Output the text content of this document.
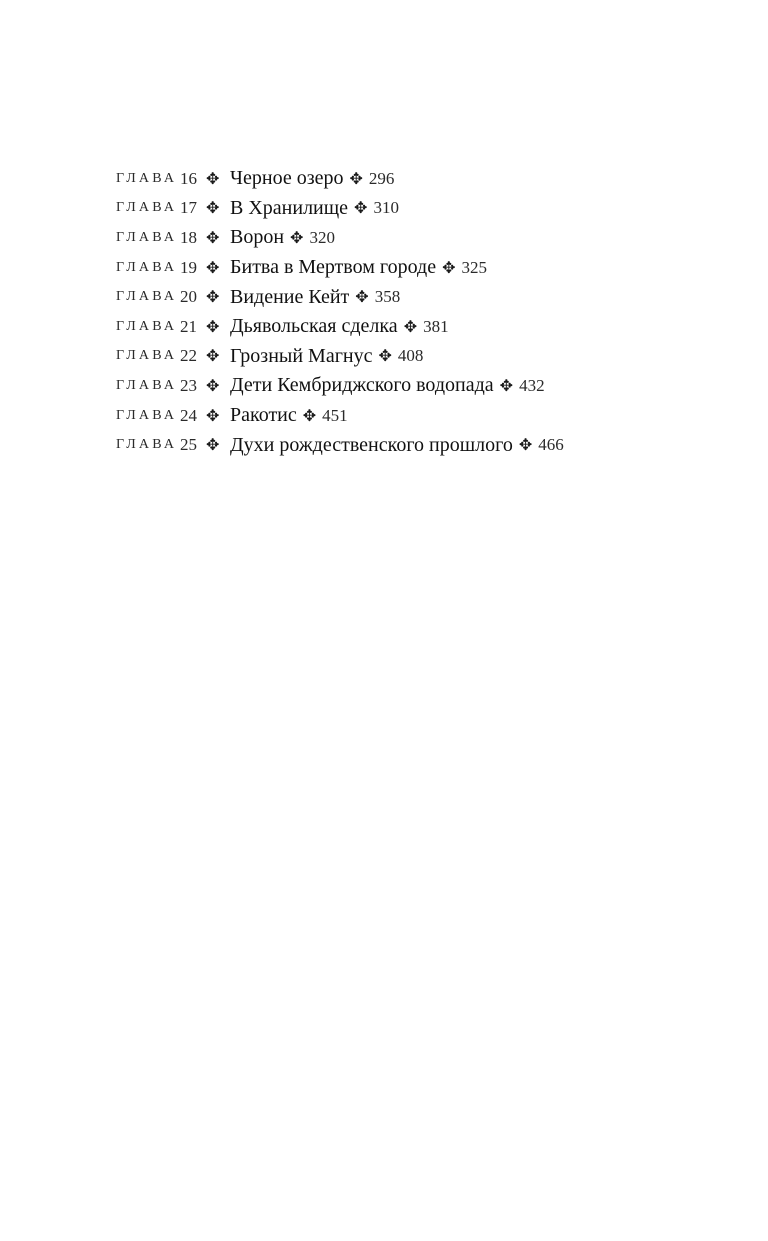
ГЛАВА 16 ✥ Черное озеро ✥ 296
ГЛАВА 17 ✥ В Хранилище ✥ 310
ГЛАВА 18 ✥ Ворон ✥ 320
ГЛАВА 19 ✥ Битва в Мертвом городе ✥ 325
ГЛАВА 20 ✥ Видение Кейт ✥ 358
ГЛАВА 21 ✥ Дьявольская сделка ✥ 381
ГЛАВА 22 ✥ Грозный Магнус ✥ 408
ГЛАВА 23 ✥ Дети Кембриджского водопада ✥ 432
ГЛАВА 24 ✥ Ракотис ✥ 451
ГЛАВА 25 ✥ Духи рождественского прошлого ✥ 466
